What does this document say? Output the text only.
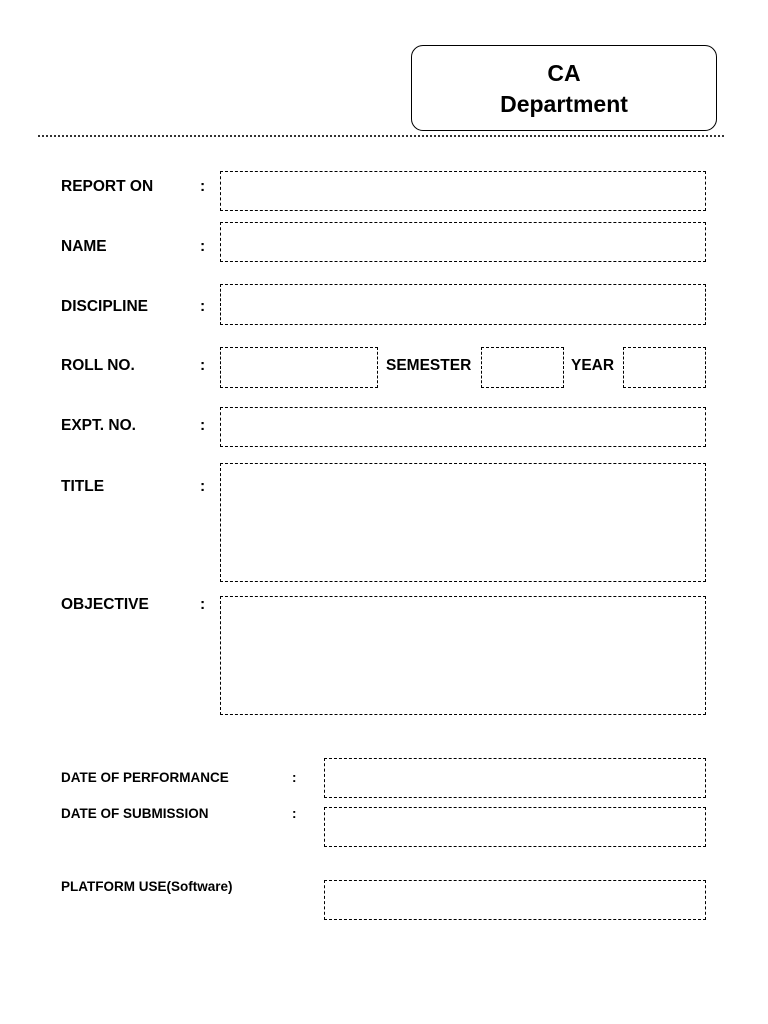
CA
Department
REPORT ON	:
NAME	:
DISCIPLINE	:
ROLL NO.	:	SEMESTER	YEAR
EXPT. NO.	:
TITLE	:
OBJECTIVE	:
DATE OF PERFORMANCE	:
DATE OF SUBMISSION	:
PLATFORM USE(Software)
